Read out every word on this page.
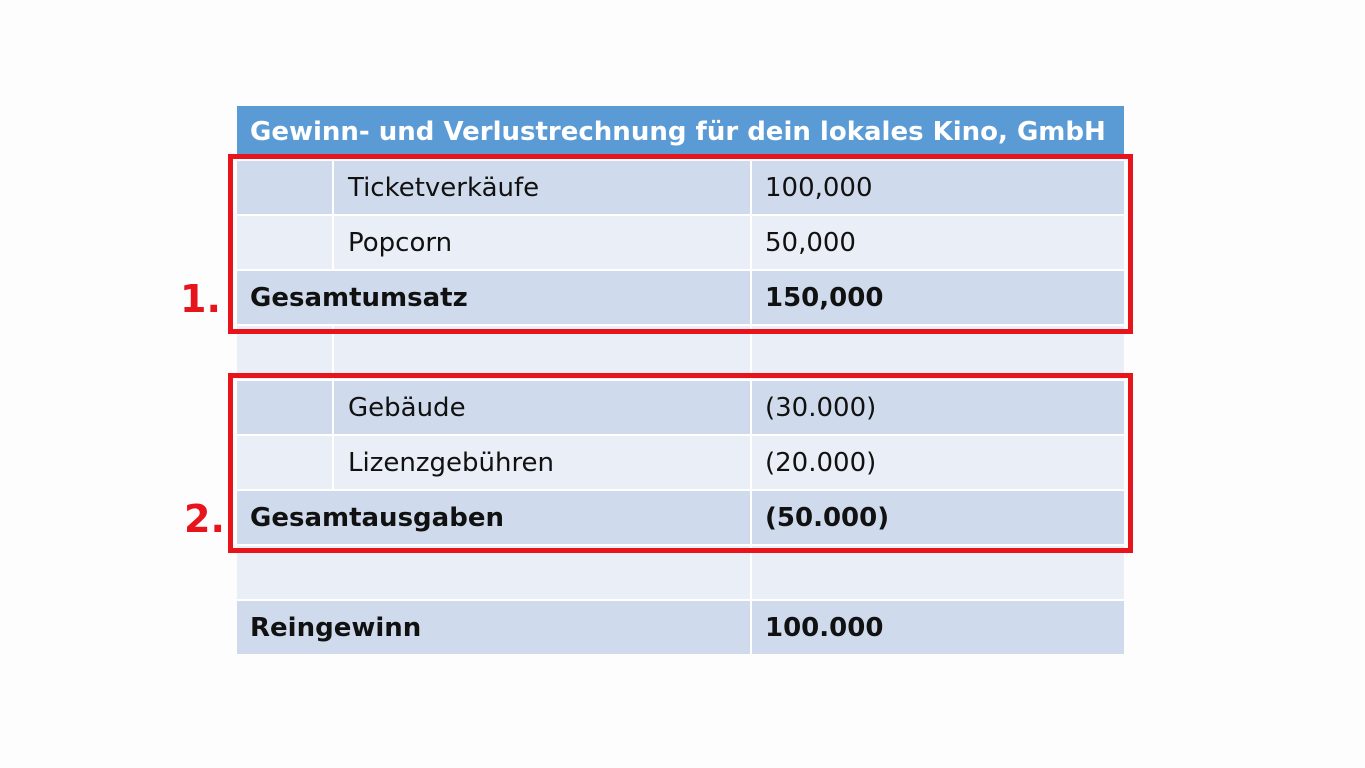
Gewinn- und Verlustrechnung für dein lokales Kino, GmbH
Ticketverkäufe	100,000
Popcorn	50,000
Gesamtumsatz	150,000
Gebäude	(30.000)
Lizenzgebühren	(20.000)
Gesamtausgaben	(50.000)
Reingewinn	100.000
1.
2.
